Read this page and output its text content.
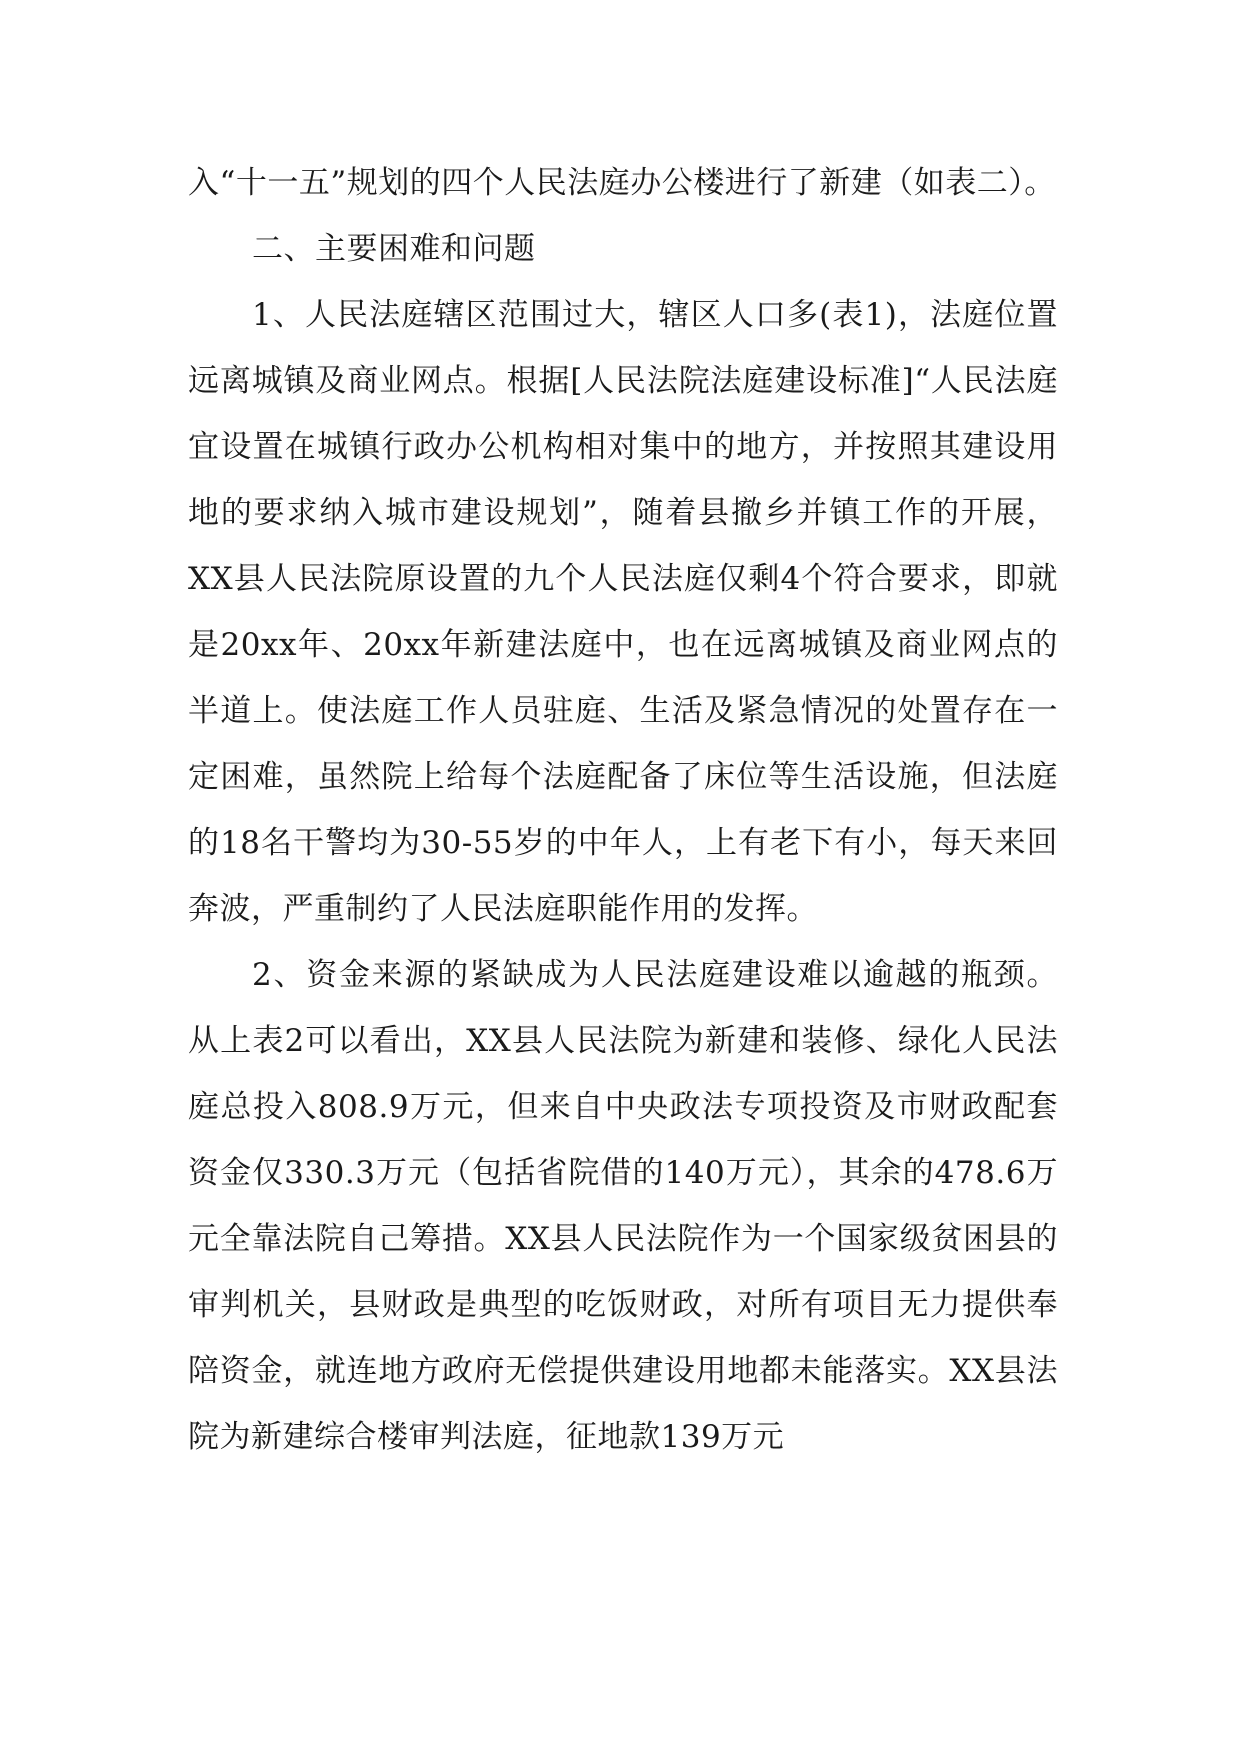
入“十一五”规划的四个人民法庭办公楼进行了新建（如表二）。

二、主要困难和问题

1、人民法庭辖区范围过大，辖区人口多(表1)，法庭位置远离城镇及商业网点。根据[人民法院法庭建设标准]“人民法庭宜设置在城镇行政办公机构相对集中的地方，并按照其建设用地的要求纳入城市建设规划”，随着县撤乡并镇工作的开展，XX县人民法院原设置的九个人民法庭仅剩4个符合要求，即就是20xx年、20xx年新建法庭中，也在远离城镇及商业网点的半道上。使法庭工作人员驻庭、生活及紧急情况的处置存在一定困难，虽然院上给每个法庭配备了床位等生活设施，但法庭的18名干警均为30-55岁的中年人，上有老下有小，每天来回奔波，严重制约了人民法庭职能作用的发挥。

2、资金来源的紧缺成为人民法庭建设难以逾越的瓶颈。从上表2可以看出，XX县人民法院为新建和装修、绿化人民法庭总投入808.9万元，但来自中央政法专项投资及市财政配套资金仅330.3万元（包括省院借的140万元），其余的478.6万元全靠法院自己筹措。XX县人民法院作为一个国家级贫困县的审判机关，县财政是典型的吃饭财政，对所有项目无力提供奉陪资金，就连地方政府无偿提供建设用地都未能落实。XX县法院为新建综合楼审判法庭，征地款139万元
